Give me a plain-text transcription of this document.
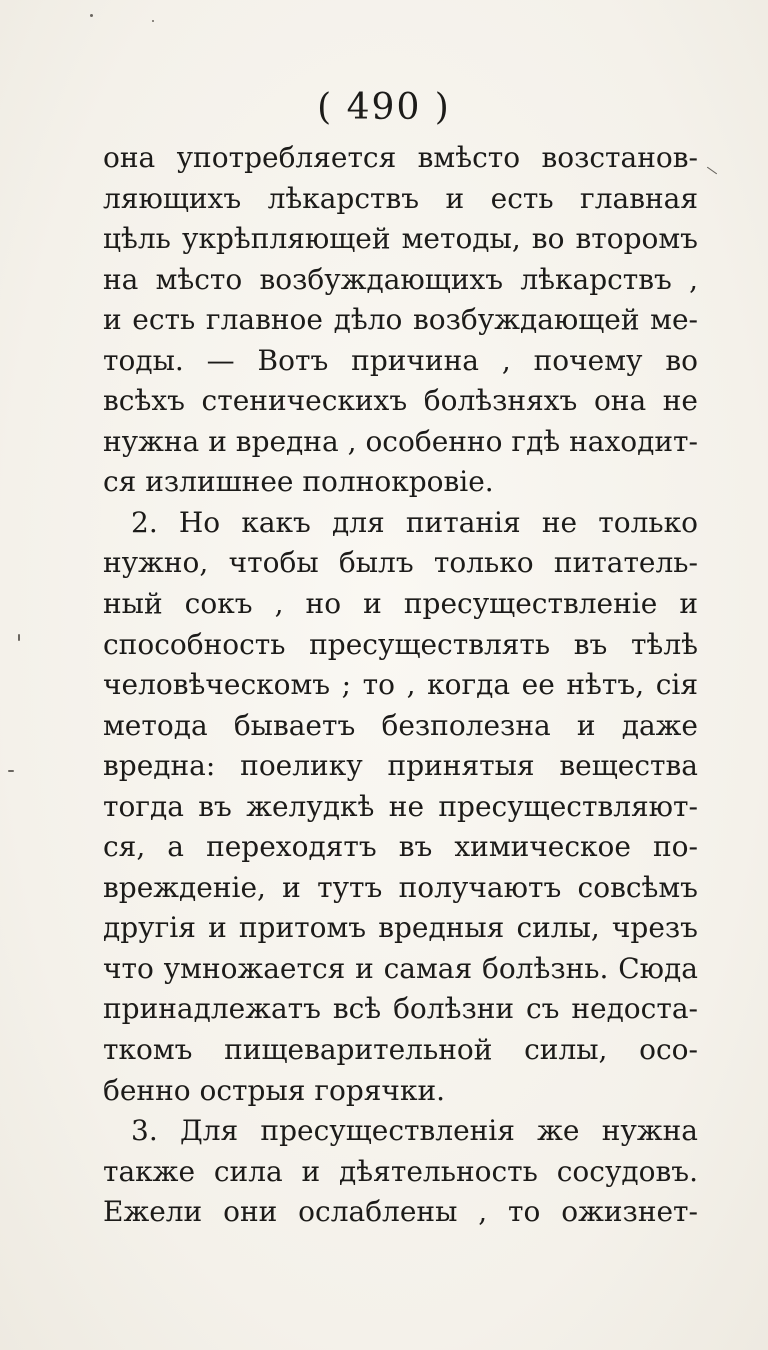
( 490 )
она употребляется вмѣсто возстанов-
ляющихъ лѣкарствъ и есть главная
цѣль укрѣпляющей методы, во второмъ
на мѣсто возбуждающихъ лѣкарствъ ,
и есть главное дѣло возбуждающей ме-
тоды. — Вотъ причина , почему во
всѣхъ стеническихъ болѣзняхъ она не
нужна и вредна , особенно гдѣ находит-
ся излишнее полнокровіе.
2. Но какъ для питанія не только
нужно, чтобы былъ только питатель-
ный сокъ , но и пресуществленіе и
способность пресуществлять въ тѣлѣ
человѣческомъ ; то , когда ее нѣтъ, сія
метода бываетъ безполезна и даже
вредна: поелику принятыя вещества
тогда въ желудкѣ не пресуществляют-
ся, а переходятъ въ химическое по-
врежденіе, и тутъ получаютъ совсѣмъ
другія и притомъ вредныя силы, чрезъ
что умножается и самая болѣзнь. Сюда
принадлежатъ всѣ болѣзни съ недоста-
ткомъ пищеварительной силы, осо-
бенно острыя горячки.
3. Для пресуществленія же нужна
также сила и дѣятельность сосудовъ.
Ежели они ослаблены , то ожизнет-
